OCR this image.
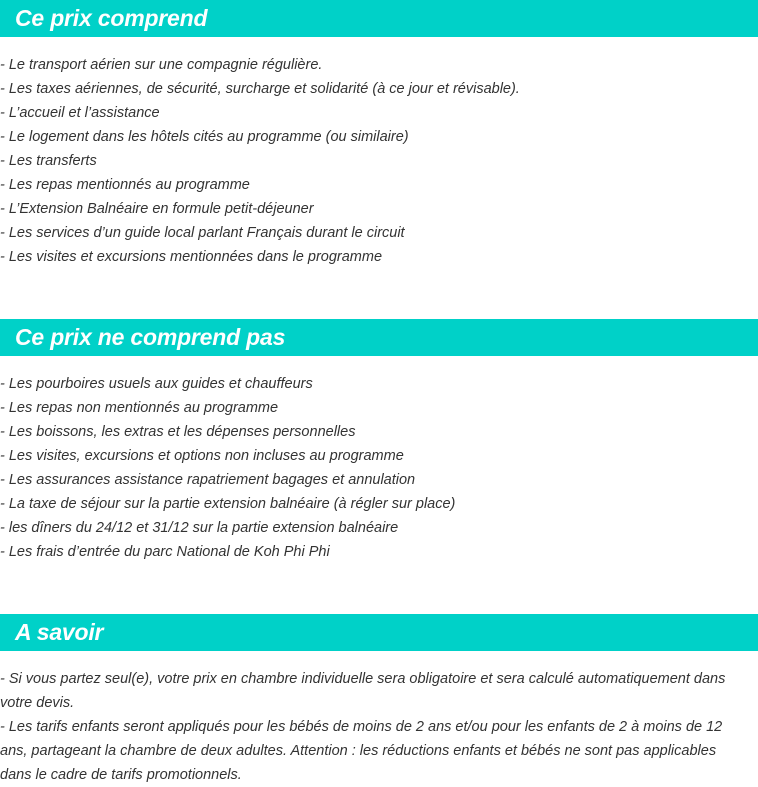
Ce prix comprend
- Le transport aérien sur une compagnie régulière.
- Les taxes aériennes, de sécurité, surcharge et solidarité (à ce jour et révisable).
- L’accueil et l’assistance
- Le logement dans les hôtels cités au programme (ou similaire)
- Les transferts
- Les repas mentionnés au programme
- L’Extension Balnéaire en formule petit-déjeuner
- Les services d’un guide local parlant Français durant le circuit
- Les visites et excursions mentionnées dans le programme
Ce prix ne comprend pas
- Les pourboires usuels aux guides et chauffeurs
- Les repas non mentionnés au programme
- Les boissons, les extras et les dépenses personnelles
- Les visites, excursions et options non incluses au programme
- Les assurances assistance rapatriement bagages et annulation
- La taxe de séjour sur la partie extension balnéaire (à régler sur place)
- les dîners du 24/12 et 31/12 sur la partie extension balnéaire
- Les frais d’entrée du parc National de Koh Phi Phi
A savoir

- Si vous partez seul(e), votre prix en chambre individuelle sera obligatoire et sera calculé automatiquement dans votre devis.

- Les tarifs enfants seront appliqués pour les bébés de moins de 2 ans et/ou pour les enfants de 2 à moins de 12 ans, partageant la chambre de deux adultes. Attention : les réductions enfants et bébés ne sont pas applicables dans le cadre de tarifs promotionnels.
